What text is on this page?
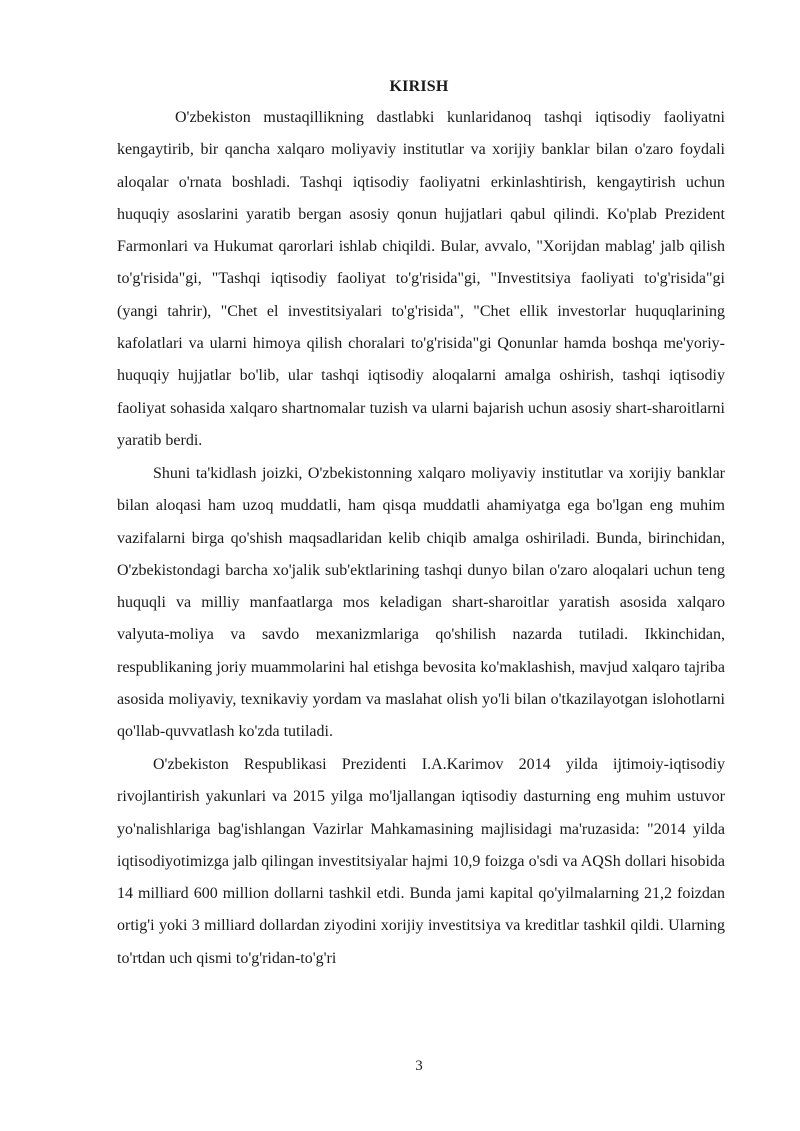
KIRISH

O'zbekiston mustaqillikning dastlabki kunlaridanoq tashqi iqtisodiy faoliyatni kengaytirib, bir qancha xalqaro moliyaviy institutlar va xorijiy banklar bilan o'zaro foydali aloqalar o'rnata boshladi. Tashqi iqtisodiy faoliyatni erkinlashtirish, kengaytirish uchun huquqiy asoslarini yaratib bergan asosiy qonun hujjatlari qabul qilindi. Ko'plab Prezident Farmonlari va Hukumat qarorlari ishlab chiqildi. Bular, avvalo, "Xorijdan mablag' jalb qilish to'g'risida"gi, "Tashqi iqtisodiy faoliyat to'g'risida"gi, "Investitsiya faoliyati to'g'risida"gi (yangi tahrir), "Chet el investitsiyalari to'g'risida", "Chet ellik investorlar huquqlarining kafolatlari va ularni himoya qilish choralari to'g'risida"gi Qonunlar hamda boshqa me'yoriy-huquqiy hujjatlar bo'lib, ular tashqi iqtisodiy aloqalarni amalga oshirish, tashqi iqtisodiy faoliyat sohasida xalqaro shartnomalar tuzish va ularni bajarish uchun asosiy shart-sharoitlarni yaratib berdi.

Shuni ta'kidlash joizki, O'zbekistonning xalqaro moliyaviy institutlar va xorijiy banklar bilan aloqasi ham uzoq muddatli, ham qisqa muddatli ahamiyatga ega bo'lgan eng muhim vazifalarni birga qo'shish maqsadlaridan kelib chiqib amalga oshiriladi. Bunda, birinchidan, O'zbekistondagi barcha xo'jalik sub'ektlarining tashqi dunyo bilan o'zaro aloqalari uchun teng huquqli va milliy manfaatlarga mos keladigan shart-sharoitlar yaratish asosida xalqaro valyuta-moliya va savdo mexanizmlariga qo'shilish nazarda tutiladi. Ikkinchidan, respublikaning joriy muammolarini hal etishga bevosita ko'maklashish, mavjud xalqaro tajriba asosida moliyaviy, texnikaviy yordam va maslahat olish yo'li bilan o'tkazilayotgan islohotlarni qo'llab-quvvatlash ko'zda tutiladi.

O'zbekiston Respublikasi Prezidenti I.A.Karimov 2014 yilda ijtimoiy-iqtisodiy rivojlantirish yakunlari va 2015 yilga mo'ljallangan iqtisodiy dasturning eng muhim ustuvor yo'nalishlariga bag'ishlangan Vazirlar Mahkamasining majlisidagi ma'ruzasida: "2014 yilda iqtisodiyotimizga jalb qilingan investitsiyalar hajmi 10,9 foizga o'sdi va AQSh dollari hisobida 14 milliard 600 million dollarni tashkil etdi. Bunda jami kapital qo'yilmalarning 21,2 foizdan ortig'i yoki 3 milliard dollardan ziyodini xorijiy investitsiya va kreditlar tashkil qildi. Ularning to'rtdan uch qismi to'g'ridan-to'g'ri

3
